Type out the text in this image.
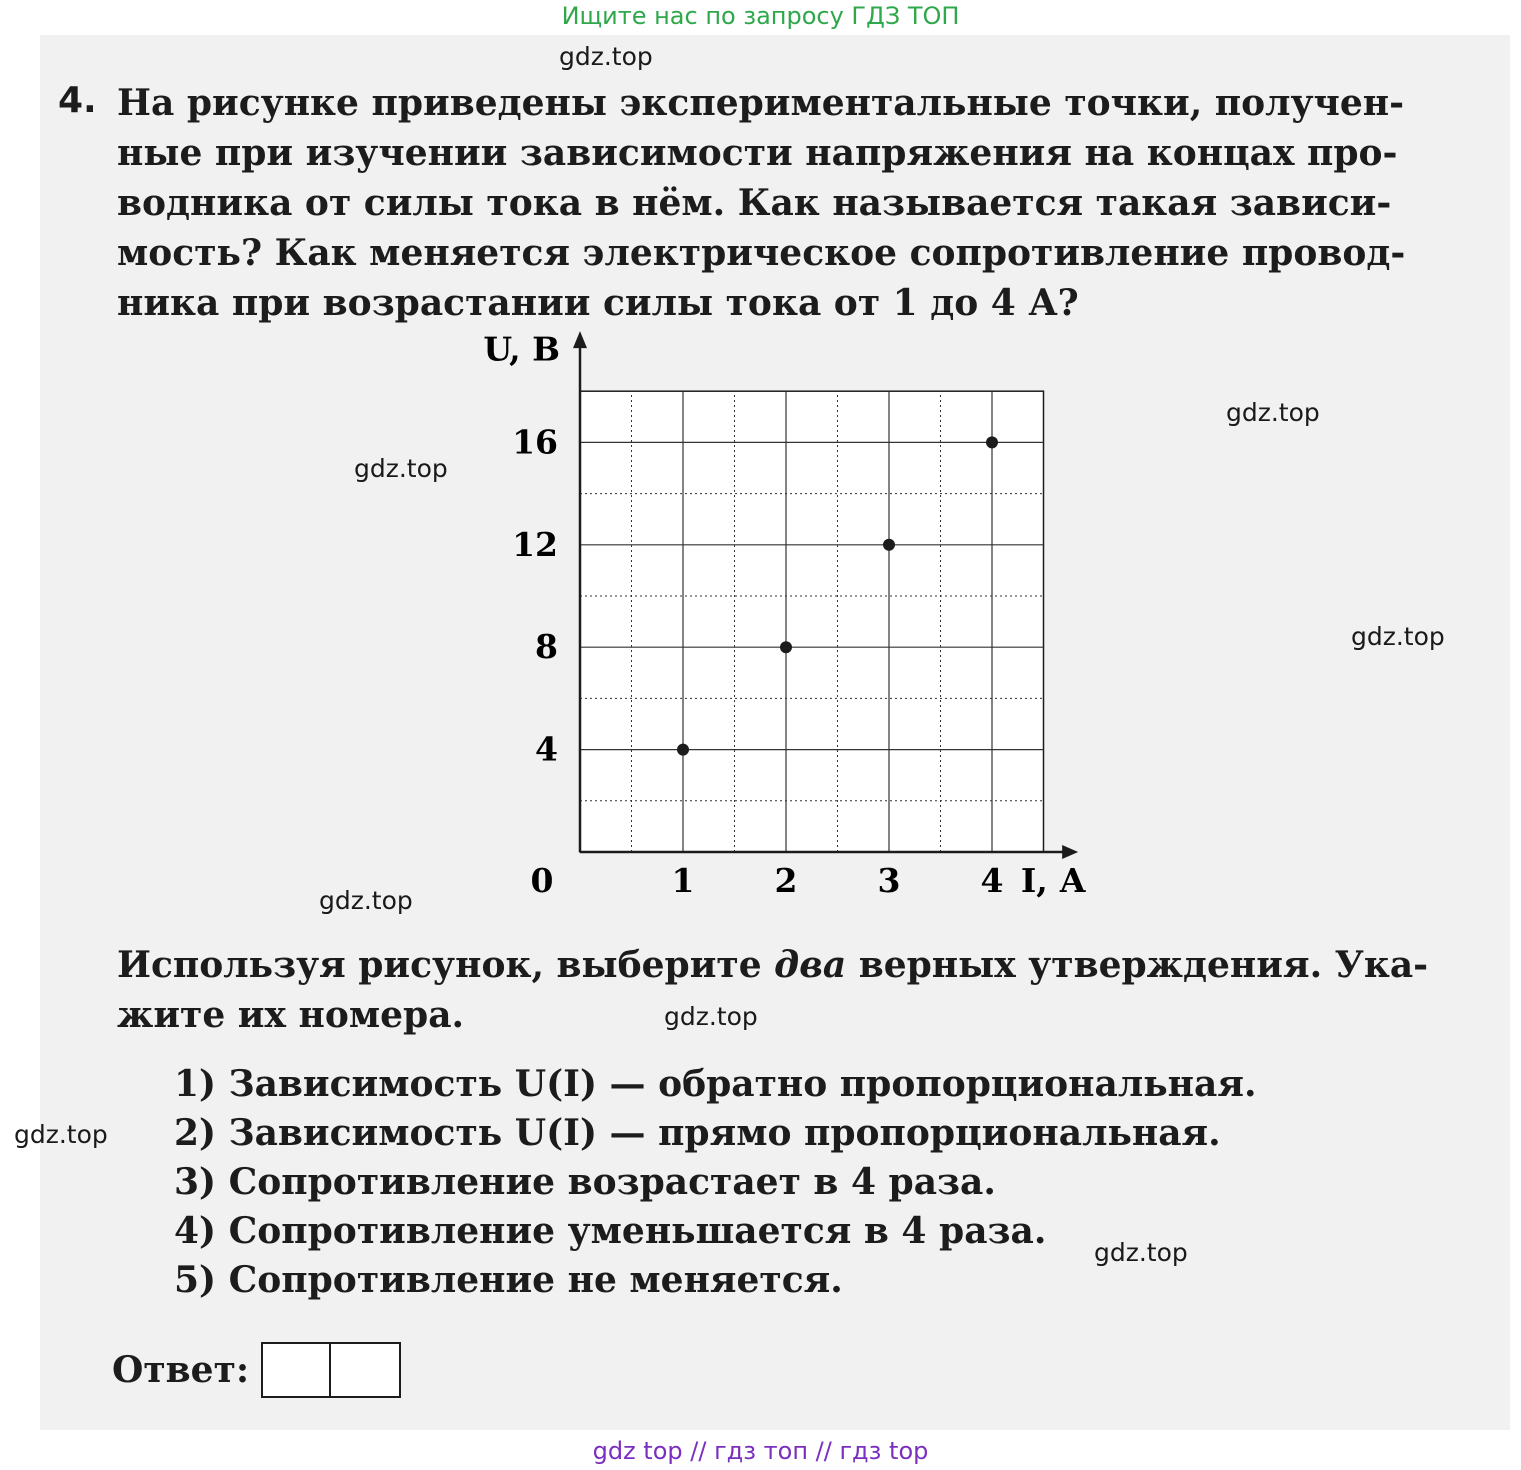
Ищите нас по запросу ГДЗ ТОП
gdz.top
gdz.top
gdz.top
gdz.top
gdz.top
gdz.top
gdz.top
gdz.top
4. На рисунке приведены экспериментальные точки, получен-
ные при изучении зависимости напряжения на концах про-
водника от силы тока в нём. Как называется такая зависи-
мость? Как меняется электрическое сопротивление провод-
ника при возрастании силы тока от 1 до 4 А?
1 2 3 4
4
8
12
16
U, В
I, А
0
Используя рисунок, выберите два верных утверждения. Ука-
жите их номера.
1) Зависимость U(I) — обратно пропорциональная.
2) Зависимость U(I) — прямо пропорциональная.
3) Сопротивление возрастает в 4 раза.
4) Сопротивление уменьшается в 4 раза.
5) Сопротивление не меняется.
Ответ:
gdz top // гдз топ // гдз top
